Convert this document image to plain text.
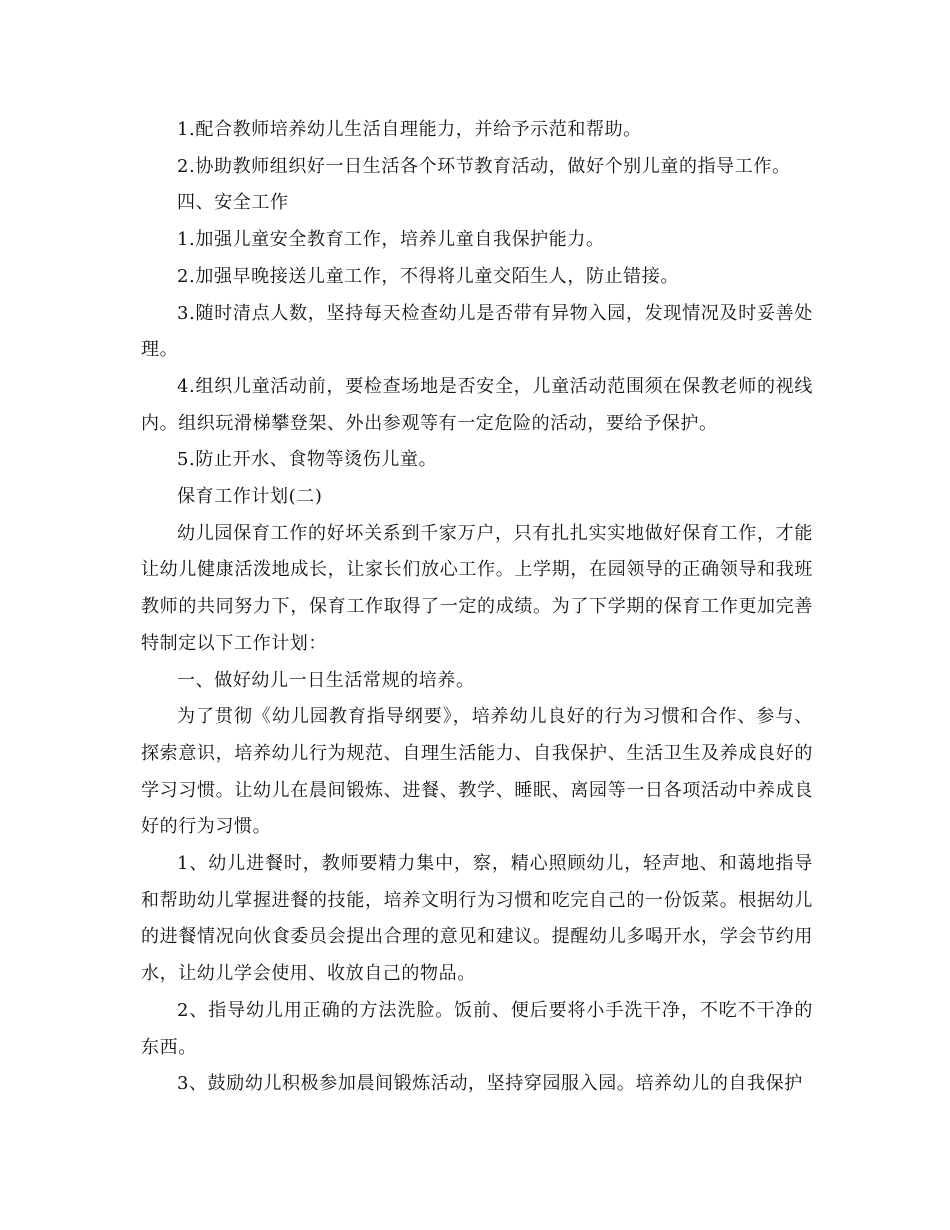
1.配合教师培养幼儿生活自理能力，并给予示范和帮助。

2.协助教师组织好一日生活各个环节教育活动，做好个别儿童的指导工作。

四、安全工作

1.加强儿童安全教育工作，培养儿童自我保护能力。

2.加强早晚接送儿童工作，不得将儿童交陌生人，防止错接。

3.随时清点人数，坚持每天检查幼儿是否带有异物入园，发现情况及时妥善处理。

4.组织儿童活动前，要检查场地是否安全，儿童活动范围须在保教老师的视线内。组织玩滑梯攀登架、外出参观等有一定危险的活动，要给予保护。

5.防止开水、食物等烫伤儿童。

保育工作计划(二)

幼儿园保育工作的好坏关系到千家万户，只有扎扎实实地做好保育工作，才能让幼儿健康活泼地成长，让家长们放心工作。上学期，在园领导的正确领导和我班教师的共同努力下，保育工作取得了一定的成绩。为了下学期的保育工作更加完善特制定以下工作计划：

一、做好幼儿一日生活常规的培养。

为了贯彻《幼儿园教育指导纲要》，培养幼儿良好的行为习惯和合作、参与、探索意识，培养幼儿行为规范、自理生活能力、自我保护、生活卫生及养成良好的学习习惯。让幼儿在晨间锻炼、进餐、教学、睡眠、离园等一日各项活动中养成良好的行为习惯。

1、幼儿进餐时，教师要精力集中，察，精心照顾幼儿，轻声地、和蔼地指导和帮助幼儿掌握进餐的技能，培养文明行为习惯和吃完自己的一份饭菜。根据幼儿的进餐情况向伙食委员会提出合理的意见和建议。提醒幼儿多喝开水，学会节约用水，让幼儿学会使用、收放自己的物品。

2、指导幼儿用正确的方法洗脸。饭前、便后要将小手洗干净，不吃不干净的东西。

3、鼓励幼儿积极参加晨间锻炼活动，坚持穿园服入园。培养幼儿的自我保护
